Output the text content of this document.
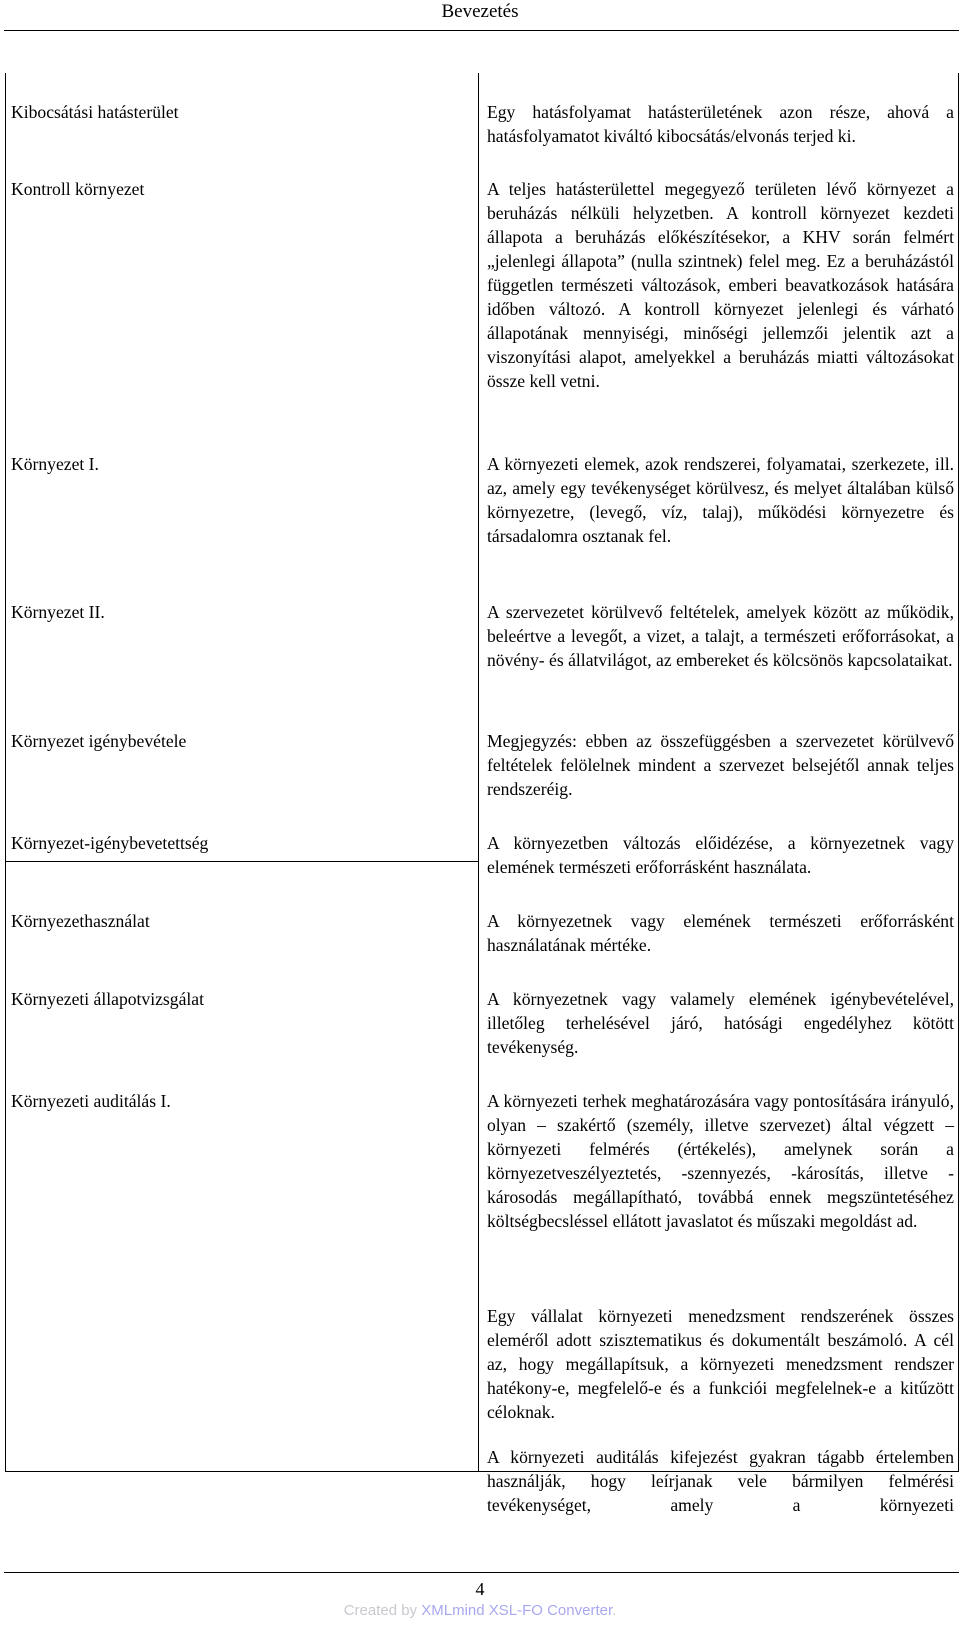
Bevezetés
Kibocsátási hatásterület
Kontroll környezet
Környezet I.
Környezet II.
Környezet igénybevétele
Környezet-igénybevetettség
Környezethasználat
Környezeti állapotvizsgálat
Környezeti auditálás I.
Egy hatásfolyamat hatásterületének azon része, ahová a hatásfolyamatot kiváltó kibocsátás/elvonás terjed ki.
A teljes hatásterülettel megegyező területen lévő környezet a beruházás nélküli helyzetben. A kontroll környezet kezdeti állapota a beruházás előkészítésekor, a KHV során felmért „jelenlegi állapota” (nulla szintnek) felel meg. Ez a beruházástól független természeti változások, emberi beavatkozások hatására időben változó. A kontroll környezet jelenlegi és várható állapotának mennyiségi, minőségi jellemzői jelentik azt a viszonyítási alapot, amelyekkel a beruházás miatti változásokat össze kell vetni.
A környezeti elemek, azok rendszerei, folyamatai, szerkezete, ill. az, amely egy tevékenységet körülvesz, és melyet általában külső környezetre, (levegő, víz, talaj), működési környezetre és társadalomra osztanak fel.
A szervezetet körülvevő feltételek, amelyek között az működik, beleértve a levegőt, a vizet, a talajt, a természeti erőforrásokat, a növény- és állatvilágot, az embereket és kölcsönös kapcsolataikat.
Megjegyzés: ebben az összefüggésben a szervezetet körülvevő feltételek felölelnek mindent a szervezet belsejétől annak teljes rendszeréig.
A környezetben változás előidézése, a környezetnek vagy elemének természeti erőforrásként használata.
A környezetnek vagy elemének természeti erőforrásként használatának mértéke.
A környezetnek vagy valamely elemének igénybevételével, illetőleg terhelésével járó, hatósági engedélyhez kötött tevékenység.
A környezeti terhek meghatározására vagy pontosítására irányuló, olyan – szakértő (személy, illetve szervezet) által végzett – környezeti felmérés (értékelés), amelynek során a környezetveszélyeztetés, -szennyezés, -károsítás, illetve -károsodás megállapítható, továbbá ennek megszüntetéséhez költségbecsléssel ellátott javaslatot és műszaki megoldást ad.
Egy vállalat környezeti menedzsment rendszerének összes eleméről adott szisztematikus és dokumentált beszámoló. A cél az, hogy megállapítsuk, a környezeti menedzsment rendszer hatékony-e, megfelelő-e és a funkciói megfelelnek-e a kitűzött céloknak.
A környezeti auditálás kifejezést gyakran tágabb értelemben használják, hogy leírjanak vele bármilyen felmérési tevékenységet, amely a környezeti
4
Created by XMLmind XSL-FO Converter.
